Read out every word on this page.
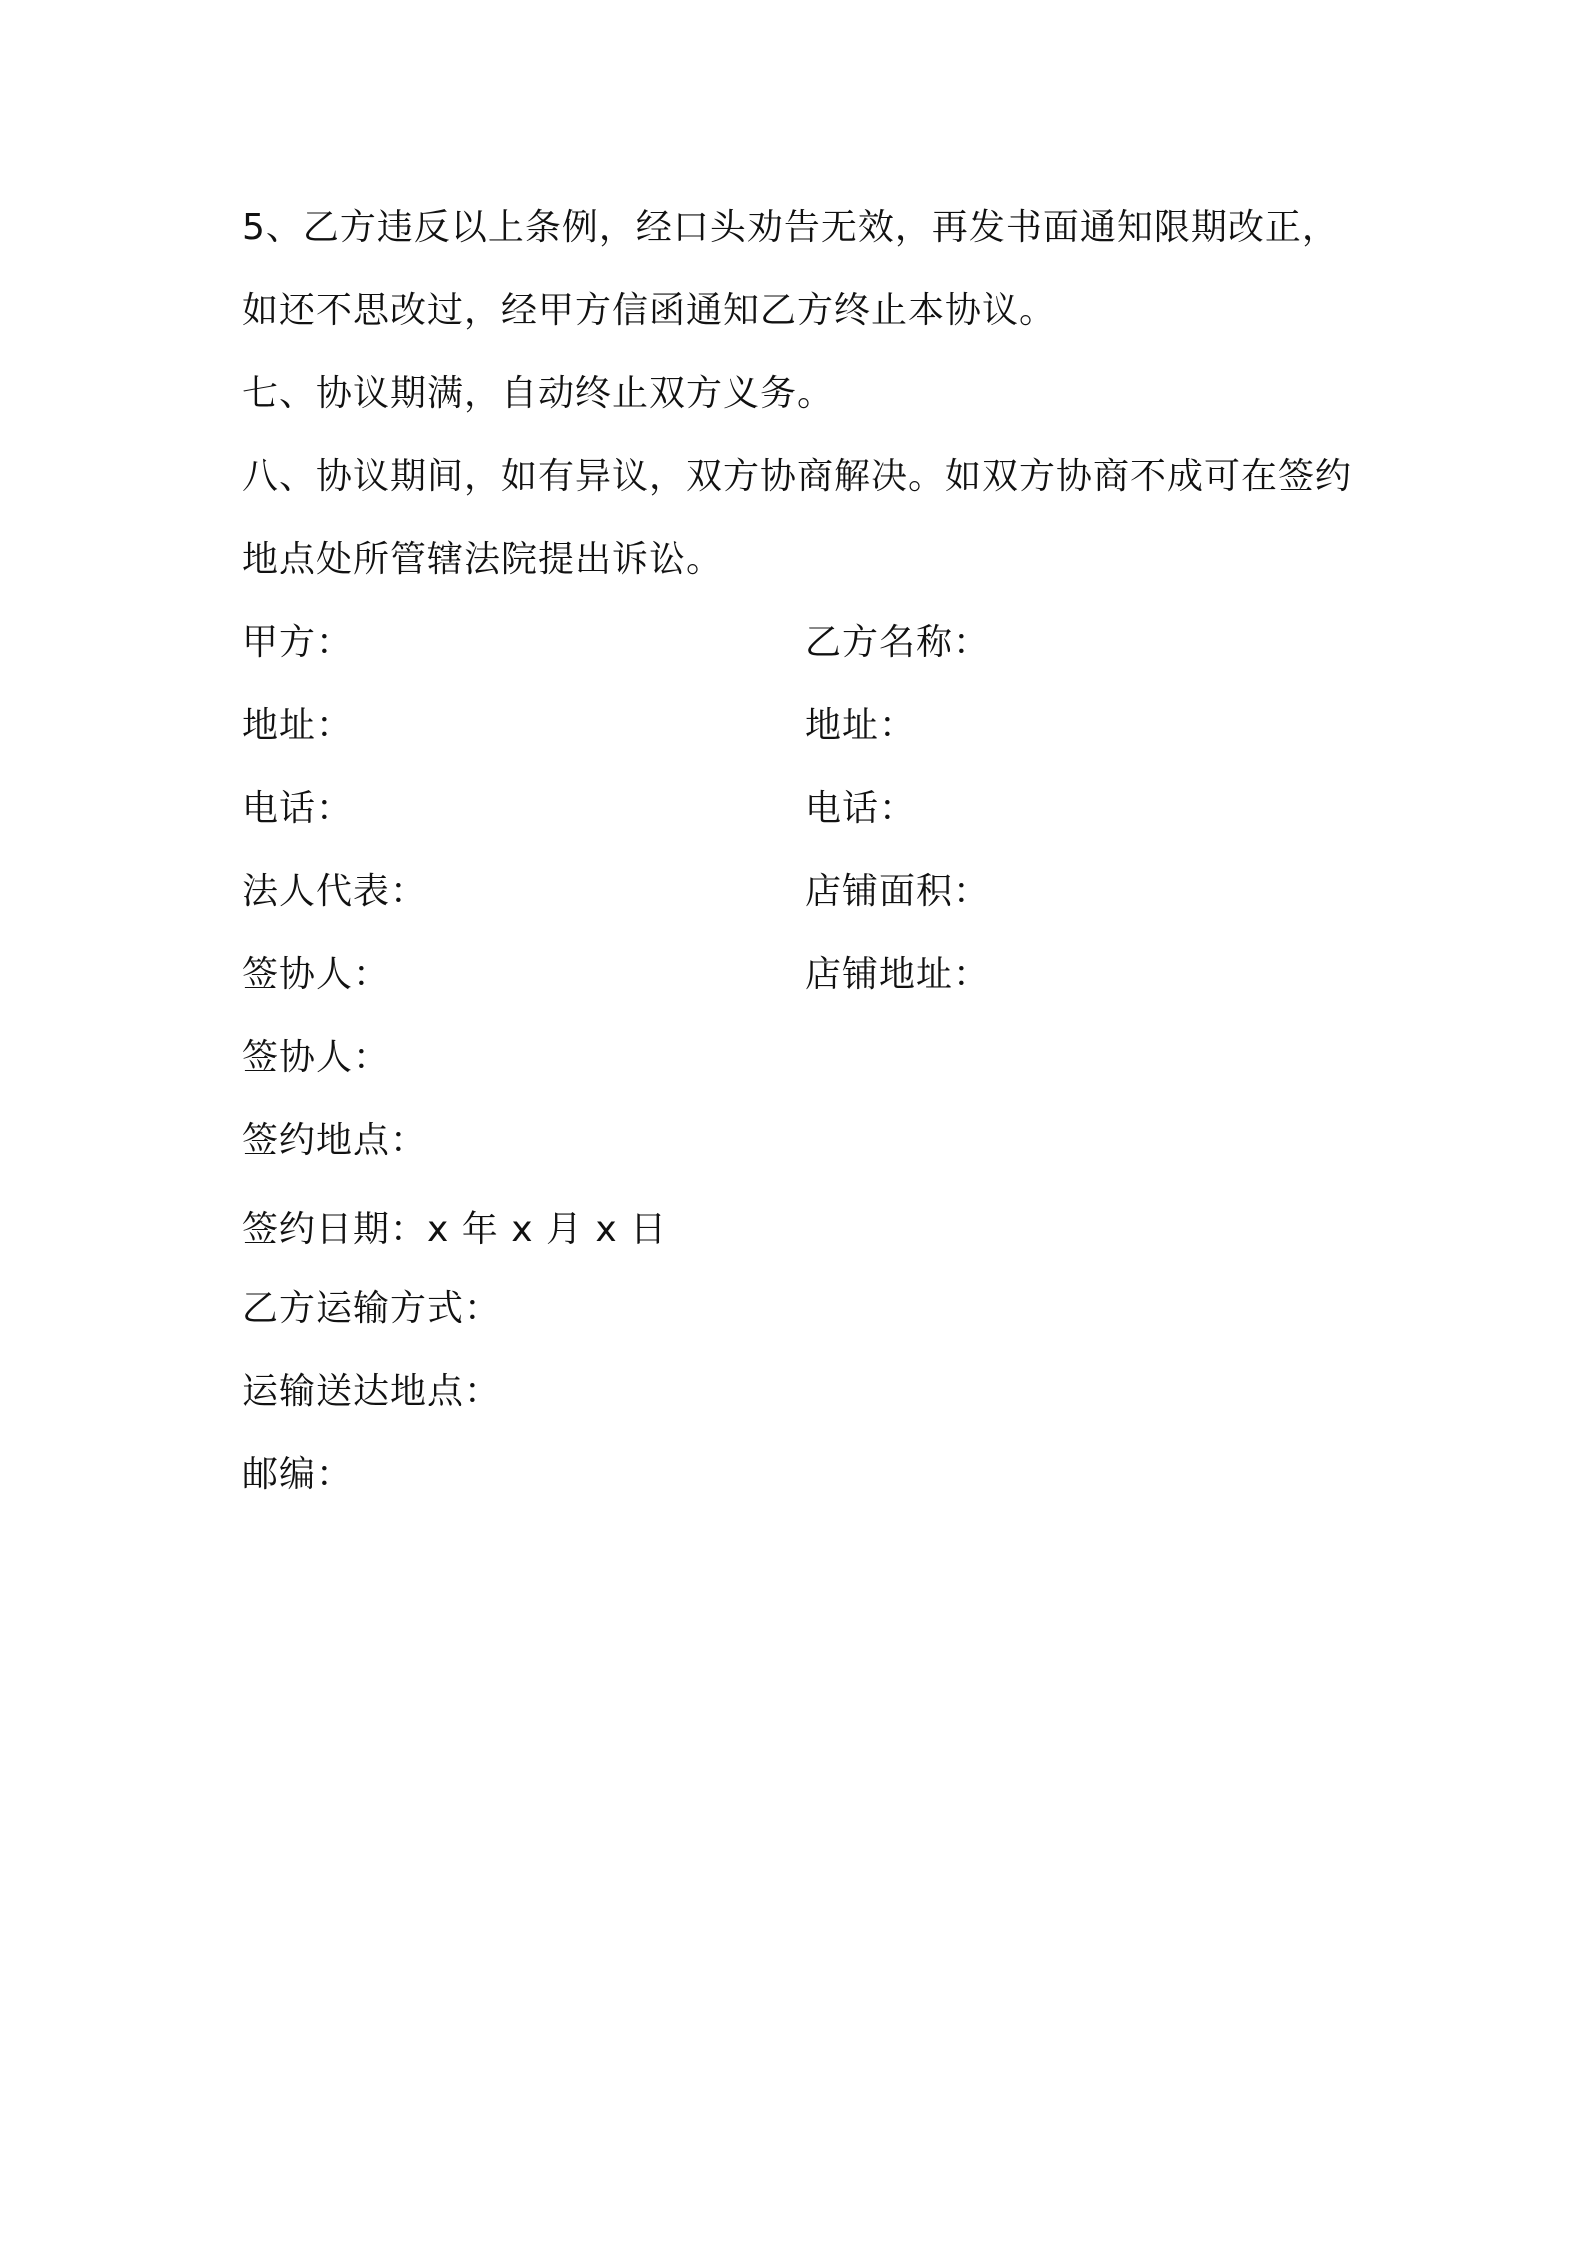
5、乙方违反以上条例，经口头劝告无效，再发书面通知限期改正，
如还不思改过，经甲方信函通知乙方终止本协议。
七、协议期满，自动终止双方义务。
八、协议期间，如有异议，双方协商解决。如双方协商不成可在签约
地点处所管辖法院提出诉讼。
甲方：	乙方名称：
地址：	地址：
电话：	电话：
法人代表：	店铺面积：
签协人：	店铺地址：
签协人：
签约地点：
签约日期：x 年 x 月 x 日
乙方运输方式：
运输送达地点：
邮编：
